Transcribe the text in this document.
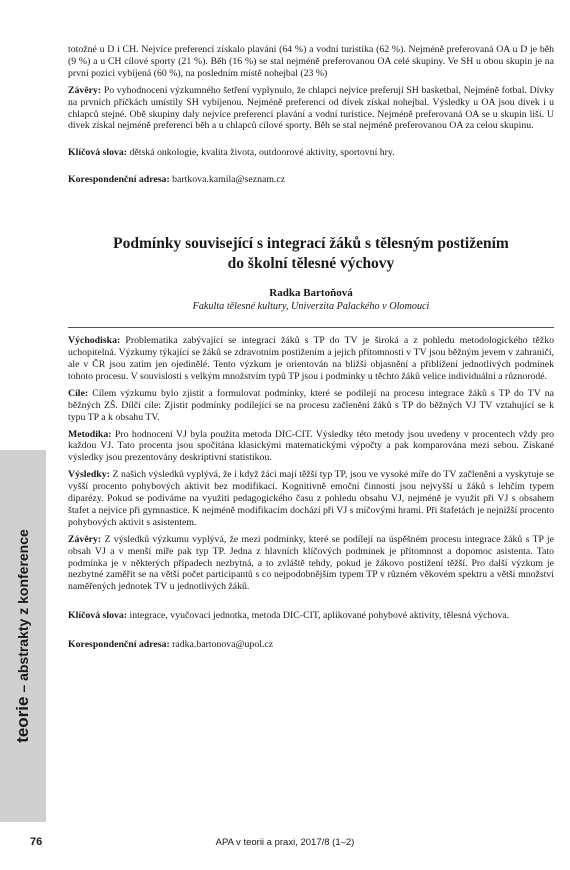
teorie – abstrakty z konference

totožné u D i CH. Nejvíce preferencí získalo plavání (64 %) a vodní turistika (62 %). Nejméně preferovaná OA u D je běh (9 %) a u CH cílové sporty (21 %). Běh (16 %) se stal nejméně preferovanou OA celé skupiny. Ve SH u obou skupin je na první pozici vybíjená (60 %), na posledním místě nohejbal (23 %)

Závěry: Po vyhodnocení výzkumného šetření vyplynulo, že chlapci nejvíce preferují SH basketbal, Nejméně fotbal. Dívky na prvních příčkách umístily SH vybíjenou. Nejméně preferencí od dívek získal nohejbal. Výsledky u OA jsou dívek i u chlapců stejné. Obě skupiny daly nejvíce preferencí plavání a vodní turistice. Nejméně preferovaná OA se u skupin liší. U dívek získal nejméně preferencí běh a u chlapců cílové sporty. Běh se stal nejméně preferovanou OA za celou skupinu.

Klíčová slova: dětská onkologie, kvalita života, outdoorové aktivity, sportovní hry.

Korespondenční adresa: bartkova.kamila@seznam.cz

Podmínky související s integrací žáků s tělesným postižením
do školní tělesné výchovy

Radka Bartoňová

Fakulta tělesné kultury, Univerzita Palackého v Olomouci

Východiska: Problematika zabývající se integrací žáků s TP do TV je široká a z pohledu metodologického těžko uchopitelná. Výzkumy týkající se žáků se zdravotním postižením a jejich přítomnosti v TV jsou běžným jevem v zahraničí, ale v ČR jsou zatím jen ojedinělé. Tento výzkum je orientován na bližší objasnění a přiblížení jednotlivých podmínek tohoto procesu. V souvislosti s velkým množstvím typů TP jsou i podmínky u těchto žáků velice individuální a různorodé.

Cíle: Cílem výzkumu bylo zjistit a formulovat podmínky, které se podílejí na procesu integrace žáků s TP do TV na běžných ZŠ. Dílčí cíle: Zjistit podmínky podílející se na procesu začlenění žáků s TP do běžných VJ TV vztahující se k typu TP a k obsahu TV.

Metodika: Pro hodnocení VJ byla použita metoda DIC-CIT. Výsledky této metody jsou uvedeny v procentech vždy pro každou VJ. Tato procenta jsou spočítána klasickými matematickými výpočty a pak komparována mezi sebou. Získané výsledky jsou prezentovány deskriptivní statistikou.

Výsledky: Z našich výsledků vyplývá, že i když žáci mají těžší typ TP, jsou ve vysoké míře do TV začleněni a vyskytuje se vyšší procento pohybových aktivit bez modifikací. Kognitivně emoční činností jsou nejvyšší u žáků s lehčím typem diparézy. Pokud se podíváme na využití pedagogického času z pohledu obsahu VJ, nejméně je využit při VJ s obsahem štafet a nejvíce při gymnastice. K nejméně modifikacím dochází při VJ s míčovými hrami. Při štafetách je nejnižší procento pohybových aktivit s asistentem.

Závěry: Z výsledků výzkumu vyplývá, že mezi podmínky, které se podílejí na úspěšném procesu integrace žáků s TP je obsah VJ a v menší míře pak typ TP. Jedna z hlavních klíčových podmínek je přítomnost a dopomoc asistenta. Tato podmínka je v některých případech nezbytná, a to zvláště tehdy, pokud je žákovo postižení těžší. Pro další výzkum je nezbytné zaměřit se na větší počet participantů s co nejpodobnějším typem TP v různém věkovém spektru a větší množství naměřených jednotek TV u jednotlivých žáků.

Klíčová slova: integrace, vyučovací jednotka, metoda DIC-CIT, aplikované pohybové aktivity, tělesná výchova.

Korespondenční adresa: radka.bartonova@upol.cz

76	APA v teorii a praxi, 2017/8 (1–2)
